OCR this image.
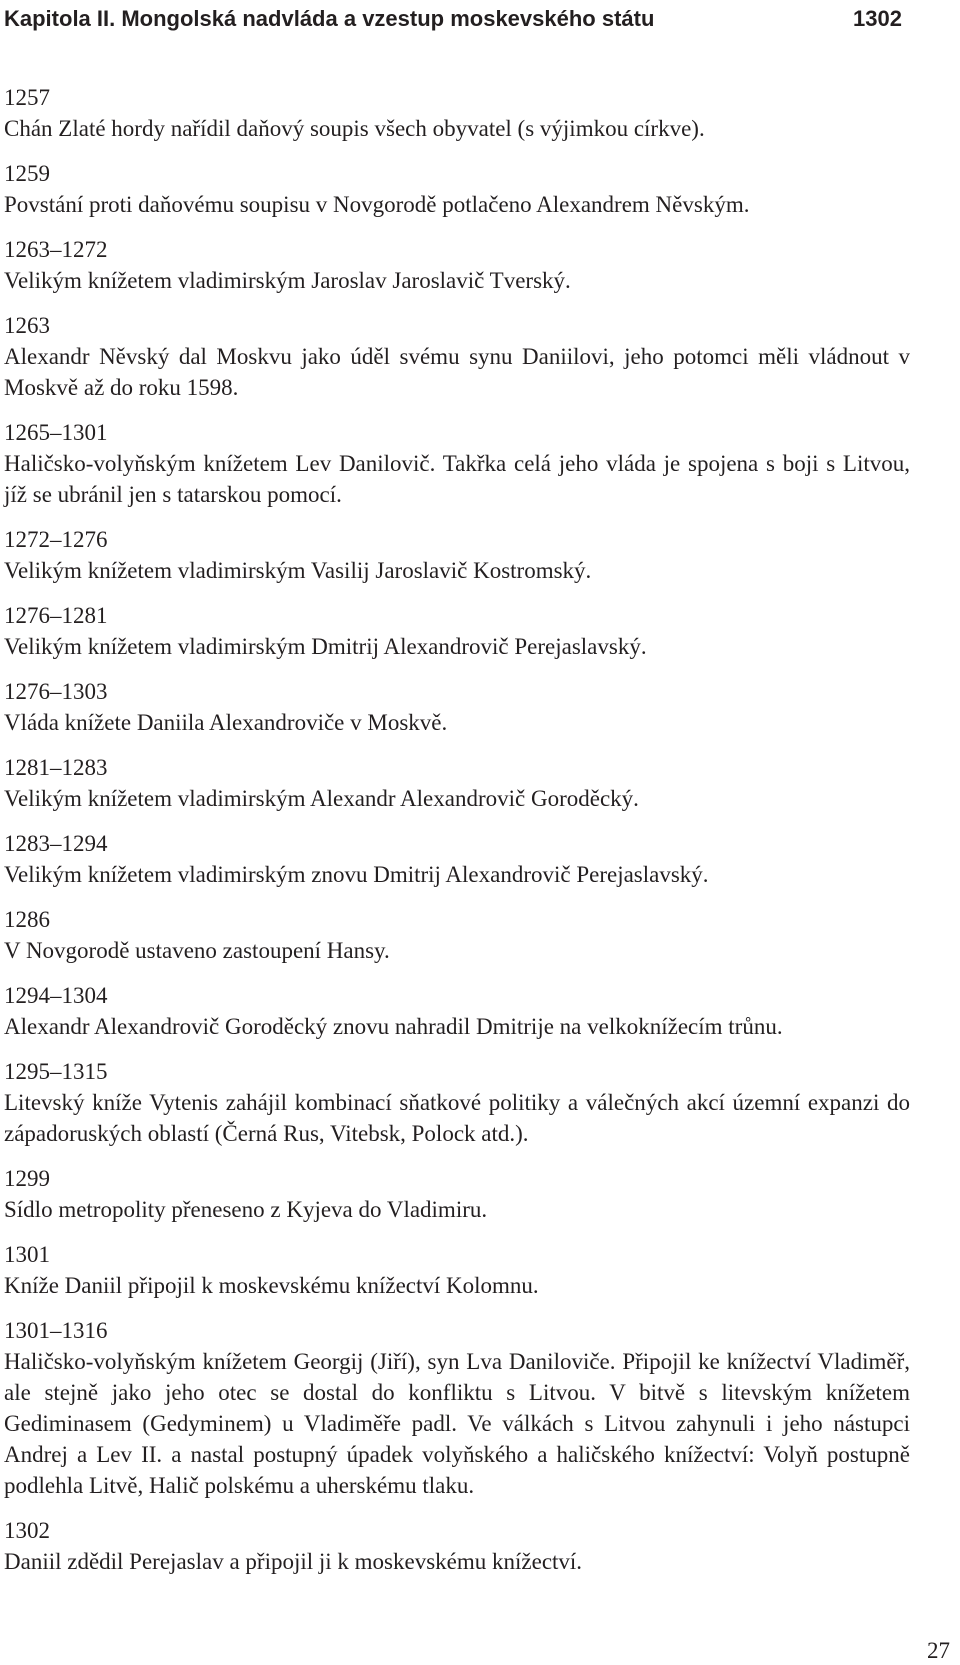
Kapitola II. Mongolská nadvláda a vzestup moskevského státu	1302
1257
Chán Zlaté hordy nařídil daňový soupis všech obyvatel (s výjimkou církve).
1259
Povstání proti daňovému soupisu v Novgorodě potlačeno Alexandrem Něvským.
1263–1272
Velikým knížetem vladimirským Jaroslav Jaroslavič Tverský.
1263
Alexandr Něvský dal Moskvu jako úděl svému synu Daniilovi, jeho potomci měli vládnout v Moskvě až do roku 1598.
1265–1301
Haličsko-volyňským knížetem Lev Danilovič. Takřka celá jeho vláda je spojena s boji s Litvou, jíž se ubránil jen s tatarskou pomocí.
1272–1276
Velikým knížetem vladimirským Vasilij Jaroslavič Kostromský.
1276–1281
Velikým knížetem vladimirským Dmitrij Alexandrovič Perejaslavský.
1276–1303
Vláda knížete Daniila Alexandroviče v Moskvě.
1281–1283
Velikým knížetem vladimirským Alexandr Alexandrovič Goroděcký.
1283–1294
Velikým knížetem vladimirským znovu Dmitrij Alexandrovič Perejaslavský.
1286
V Novgorodě ustaveno zastoupení Hansy.
1294–1304
Alexandr Alexandrovič Goroděcký znovu nahradil Dmitrije na velkoknížecím trůnu.
1295–1315
Litevský kníže Vytenis zahájil kombinací sňatkové politiky a válečných akcí územní expanzi do západoruských oblastí (Černá Rus, Vitebsk, Polock atd.).
1299
Sídlo metropolity přeneseno z Kyjeva do Vladimiru.
1301
Kníže Daniil připojil k moskevskému knížectví Kolomnu.
1301–1316
Haličsko-volyňským knížetem Georgij (Jiří), syn Lva Daniloviče. Připojil ke knížectví Vladiměř, ale stejně jako jeho otec se dostal do konfliktu s Litvou. V bitvě s litevským knížetem Gediminasem (Gedyminem) u Vladiměře padl. Ve válkách s Litvou zahynuli i jeho nástupci Andrej a Lev II. a nastal postupný úpadek volyňského a haličského knížectví: Volyň postupně podlehla Litvě, Halič polskému a uherskému tlaku.
1302
Daniil zdědil Perejaslav a připojil ji k moskevskému knížectví.
27
